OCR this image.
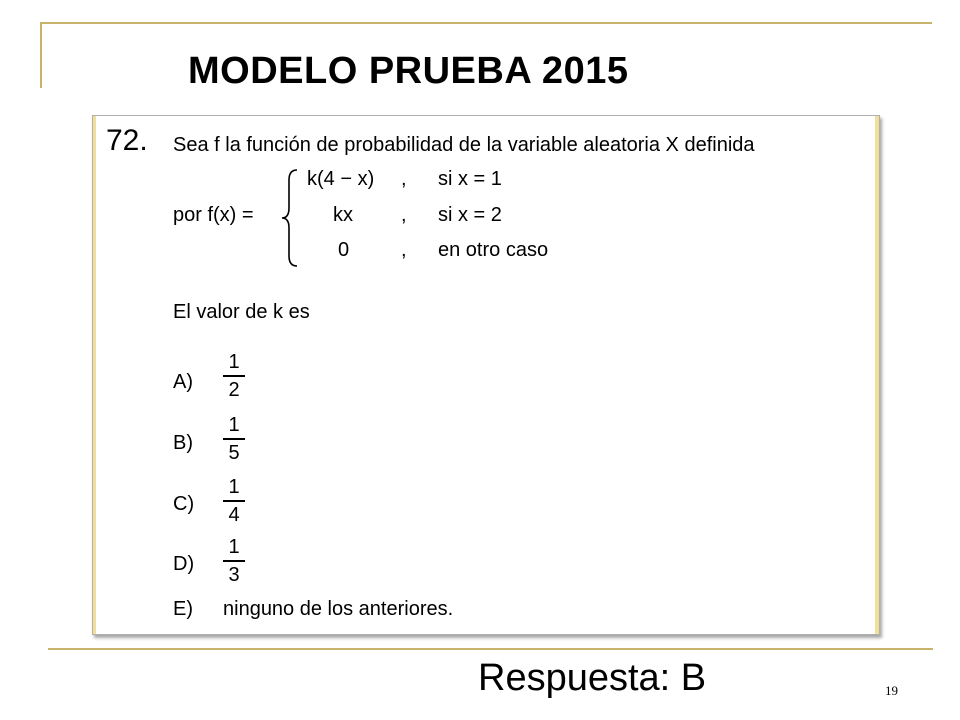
MODELO PRUEBA 2015
72. Sea f la función de probabilidad de la variable aleatoria X definida
por f(x) =
k(4 − x) , si x = 1
kx , si x = 2
0	, en otro caso
El valor de k es
A)
1
2
B)
1
5
C)
1
4
D)
1
3
E) ninguno de los anteriores.
Respuesta: B	19
